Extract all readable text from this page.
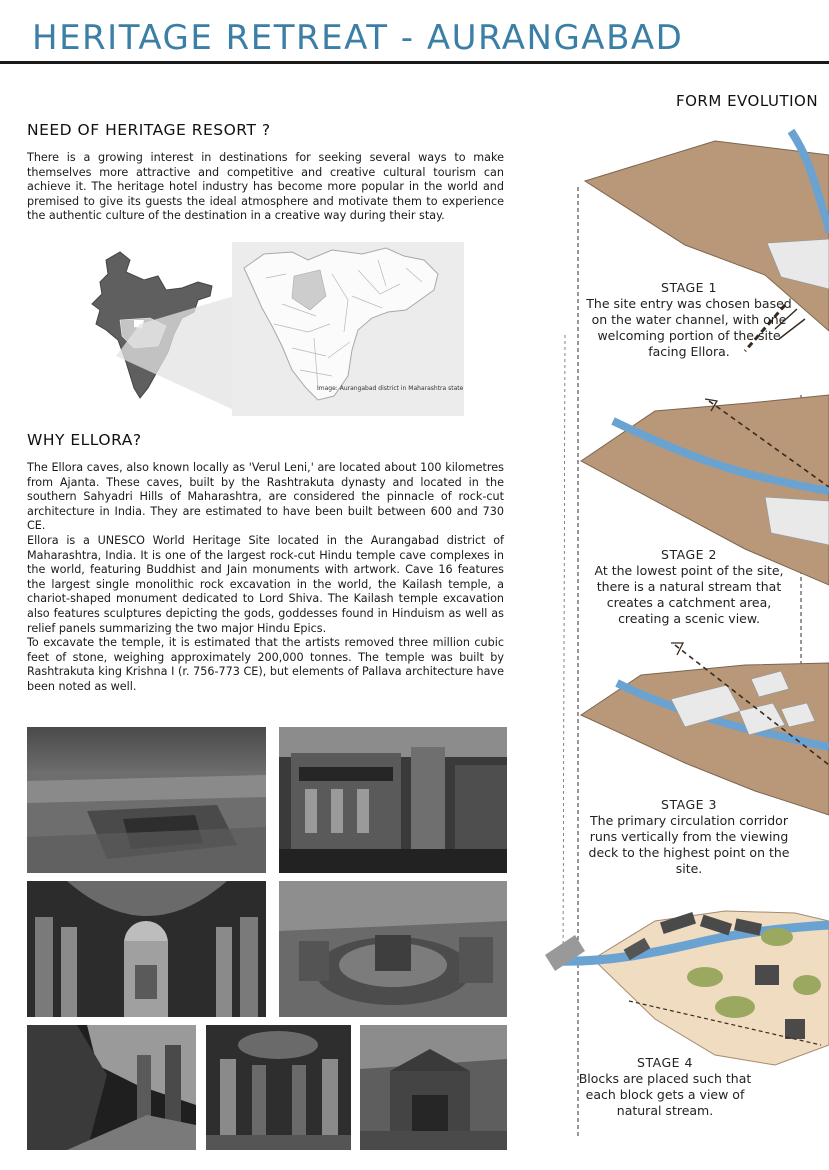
HERITAGE RETREAT - AURANGABAD
NEED OF HERITAGE RESORT ?

There is a growing interest in destinations for seeking several ways to make themselves more attractive and competitive and creative cultural tourism can achieve it. The heritage hotel industry has become more popular in the world and premised to give its guests the ideal atmosphere and motivate them to experience the authentic culture of the destination in a creative way during their stay.

Image: Aurangabad district in Maharashtra state
WHY ELLORA?

The Ellora caves, also known locally as 'Verul Leni,' are located about 100 kilometres from Ajanta. These caves, built by the Rashtrakuta dynasty and located in the southern Sahyadri Hills of Maharashtra, are considered the pinnacle of rock-cut architecture in India. They are estimated to have been built between 600 and 730 CE.

Ellora is a UNESCO World Heritage Site located in the Aurangabad district of Maharashtra, India. It is one of the largest rock-cut Hindu temple cave complexes in the world, featuring Buddhist and Jain monuments with artwork. Cave 16 features the largest single monolithic rock excavation in the world, the Kailash temple, a chariot-shaped monument dedicated to Lord Shiva. The Kailash temple excavation also features sculptures depicting the gods, goddesses found in Hinduism as well as relief panels summarizing the two major Hindu Epics.

To excavate the temple, it is estimated that the artists removed three million cubic feet of stone, weighing approximately 200,000 tonnes. The temple was built by Rashtrakuta king Krishna I (r. 756-773 CE), but elements of Pallava architecture have been noted as well.

FORM EVOLUTION
STAGE 1
The site entry was chosen based on the water channel, with one welcoming portion of the site facing Ellora.
STAGE 2
At the lowest point of the site, there is a natural stream that creates a catchment area, creating a scenic view.
STAGE 3
The primary circulation corridor runs vertically from the viewing deck to the highest point on the site.
STAGE 4
Blocks are placed such that each block gets a view of natural stream.
